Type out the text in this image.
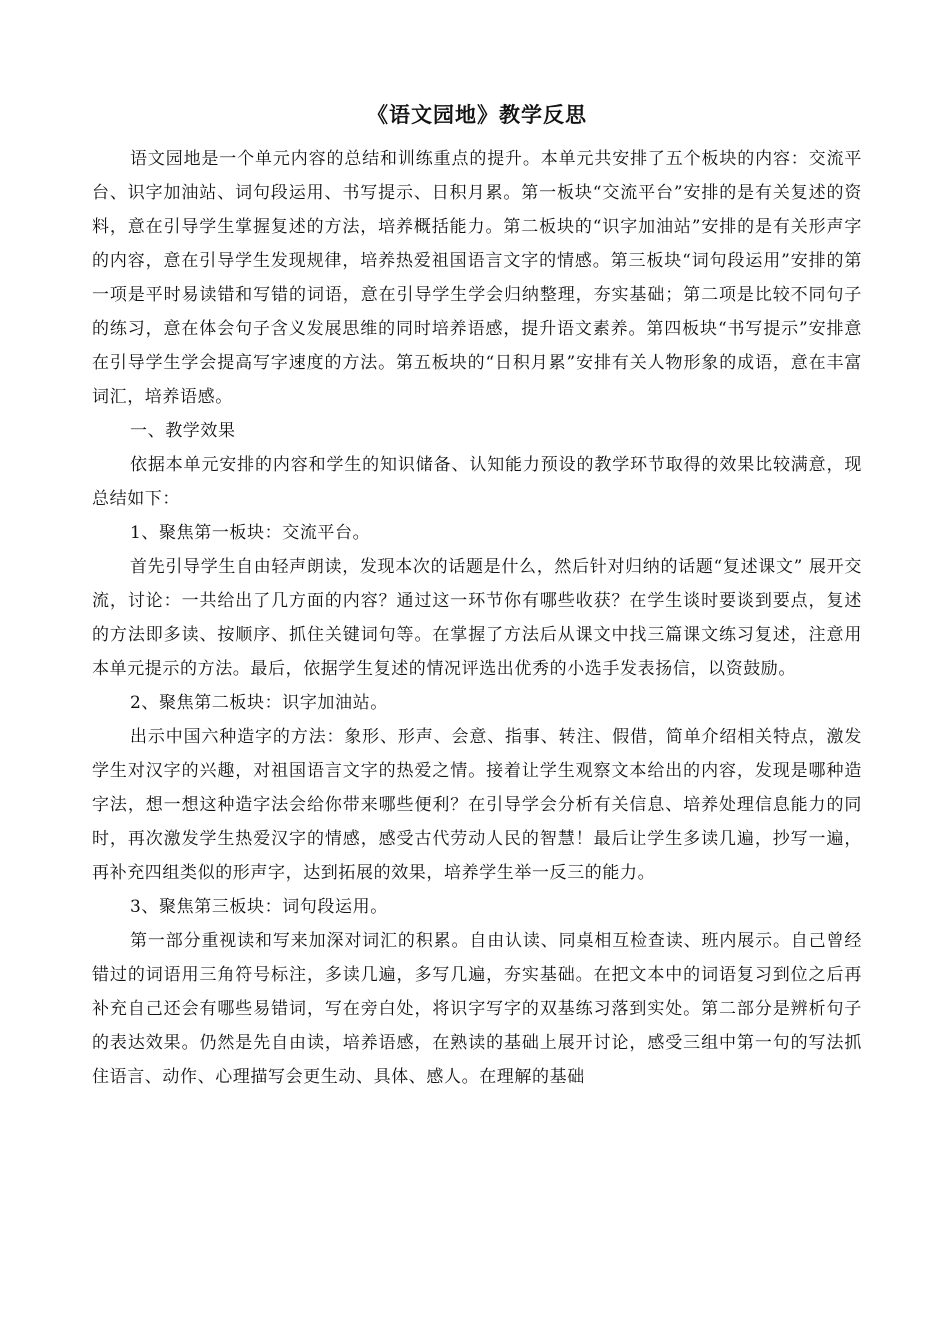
《语文园地》教学反思

语文园地是一个单元内容的总结和训练重点的提升。本单元共安排了五个板块的内容：交流平台、识字加油站、词句段运用、书写提示、日积月累。第一板块“交流平台”安排的是有关复述的资料，意在引导学生掌握复述的方法，培养概括能力。第二板块的“识字加油站”安排的是有关形声字的内容，意在引导学生发现规律，培养热爱祖国语言文字的情感。第三板块“词句段运用”安排的第一项是平时易读错和写错的词语，意在引导学生学会归纳整理，夯实基础；第二项是比较不同句子的练习，意在体会句子含义发展思维的同时培养语感，提升语文素养。第四板块“书写提示”安排意在引导学生学会提高写字速度的方法。第五板块的“日积月累”安排有关人物形象的成语，意在丰富词汇，培养语感。

一、教学效果

依据本单元安排的内容和学生的知识储备、认知能力预设的教学环节取得的效果比较满意，现总结如下：

1、聚焦第一板块：交流平台。

首先引导学生自由轻声朗读，发现本次的话题是什么，然后针对归纳的话题“复述课文” 展开交流，讨论：一共给出了几方面的内容？通过这一环节你有哪些收获？在学生谈时要谈到要点，复述的方法即多读、按顺序、抓住关键词句等。在掌握了方法后从课文中找三篇课文练习复述，注意用本单元提示的方法。最后，依据学生复述的情况评选出优秀的小选手发表扬信，以资鼓励。

2、聚焦第二板块：识字加油站。

出示中国六种造字的方法：象形、形声、会意、指事、转注、假借，简单介绍相关特点，激发学生对汉字的兴趣，对祖国语言文字的热爱之情。接着让学生观察文本给出的内容，发现是哪种造字法，想一想这种造字法会给你带来哪些便利？在引导学会分析有关信息、培养处理信息能力的同时，再次激发学生热爱汉字的情感，感受古代劳动人民的智慧！最后让学生多读几遍，抄写一遍，再补充四组类似的形声字，达到拓展的效果，培养学生举一反三的能力。

3、聚焦第三板块：词句段运用。

第一部分重视读和写来加深对词汇的积累。自由认读、同桌相互检查读、班内展示。自己曾经错过的词语用三角符号标注，多读几遍，多写几遍，夯实基础。在把文本中的词语复习到位之后再补充自己还会有哪些易错词，写在旁白处，将识字写字的双基练习落到实处。第二部分是辨析句子的表达效果。仍然是先自由读，培养语感，在熟读的基础上展开讨论，感受三组中第一句的写法抓住语言、动作、心理描写会更生动、具体、感人。在理解的基础
